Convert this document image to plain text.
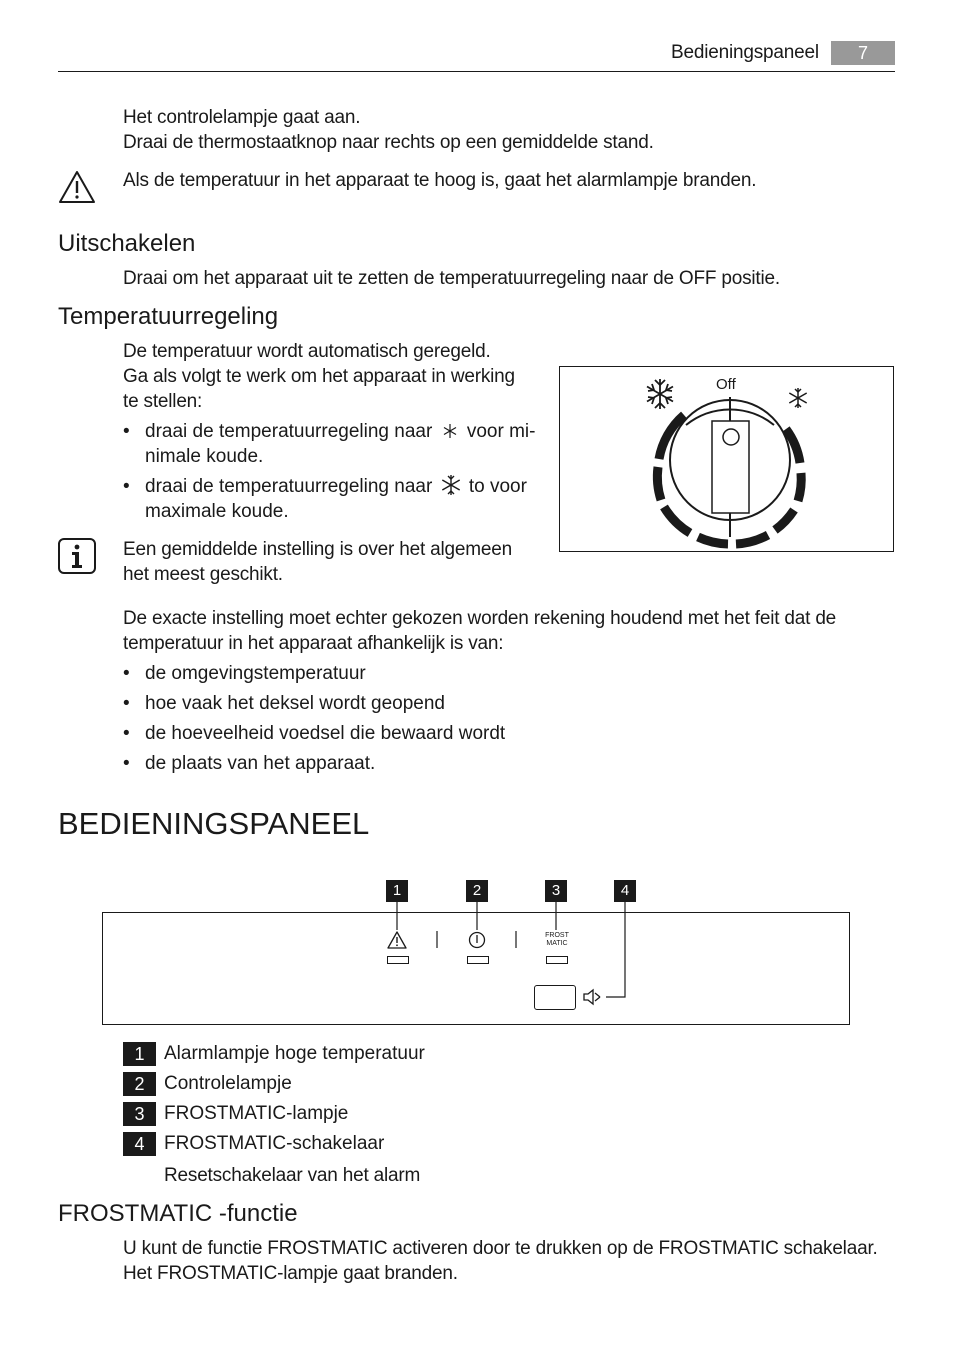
Bedieningspaneel	7
Het controlelampje gaat aan.
Draai de thermostaatknop naar rechts op een gemiddelde stand.
Als de temperatuur in het apparaat te hoog is, gaat het alarmlampje branden.
Uitschakelen
Draai om het apparaat uit te zetten de temperatuurregeling naar de OFF positie.
Temperatuurregeling
De temperatuur wordt automatisch geregeld.
Ga als volgt te werk om het apparaat in werking
te stellen:
• draai de temperatuurregeling naar voor mi-
nimale koude.
• draai de temperatuurregeling naar to voor
maximale koude.
Een gemiddelde instelling is over het algemeen
het meest geschikt.
Off
De exacte instelling moet echter gekozen worden rekening houdend met het feit dat de
temperatuur in het apparaat afhankelijk is van:
• de omgevingstemperatuur
• hoe vaak het deksel wordt geopend
• de hoeveelheid voedsel die bewaard wordt
• de plaats van het apparaat.
BEDIENINGSPANEEL
1	2	3	4
FROST
MATIC
1	Alarmlampje hoge temperatuur
2	Controlelampje
3	FROSTMATIC-lampje
4	FROSTMATIC-schakelaar
Resetschakelaar van het alarm
FROSTMATIC -functie
U kunt de functie FROSTMATIC activeren door te drukken op de FROSTMATIC schakelaar.
Het FROSTMATIC-lampje gaat branden.
